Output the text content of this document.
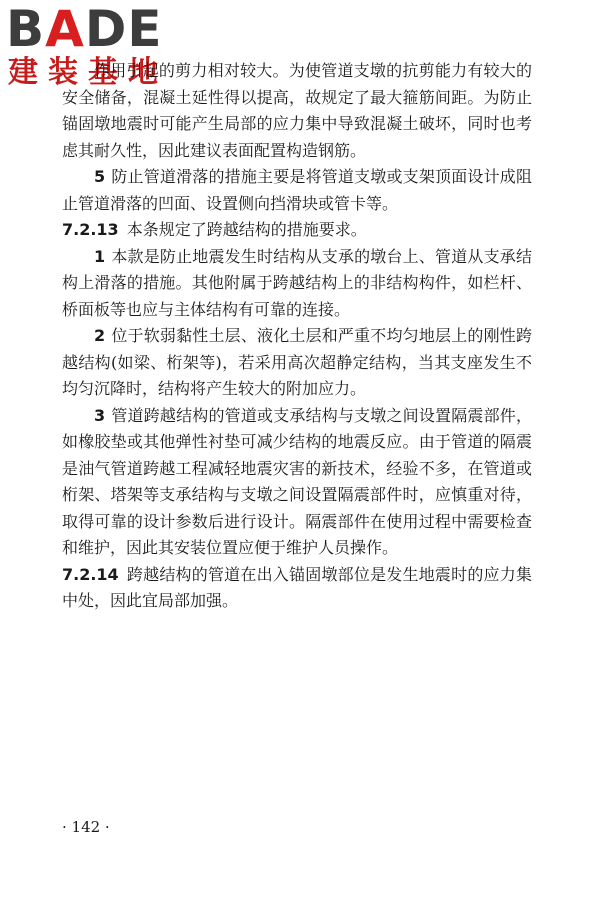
BADE
建装基地

作用引起的剪力相对较大。为使管道支墩的抗剪能力有较大的安全储备，混凝土延性得以提高，故规定了最大箍筋间距。为防止锚固墩地震时可能产生局部的应力集中导致混凝土破坏，同时也考虑其耐久性，因此建议表面配置构造钢筋。

5 防止管道滑落的措施主要是将管道支墩或支架顶面设计成阻止管道滑落的凹面、设置侧向挡滑块或管卡等。

7.2.13 本条规定了跨越结构的措施要求。

1 本款是防止地震发生时结构从支承的墩台上、管道从支承结构上滑落的措施。其他附属于跨越结构上的非结构构件，如栏杆、桥面板等也应与主体结构有可靠的连接。

2 位于软弱黏性土层、液化土层和严重不均匀地层上的刚性跨越结构(如梁、桁架等)，若采用高次超静定结构，当其支座发生不均匀沉降时，结构将产生较大的附加应力。

3 管道跨越结构的管道或支承结构与支墩之间设置隔震部件，如橡胶垫或其他弹性衬垫可减少结构的地震反应。由于管道的隔震是油气管道跨越工程减轻地震灾害的新技术，经验不多，在管道或桁架、塔架等支承结构与支墩之间设置隔震部件时，应慎重对待，取得可靠的设计参数后进行设计。隔震部件在使用过程中需要检查和维护，因此其安装位置应便于维护人员操作。

7.2.14 跨越结构的管道在出入锚固墩部位是发生地震时的应力集中处，因此宜局部加强。

· 142 ·
